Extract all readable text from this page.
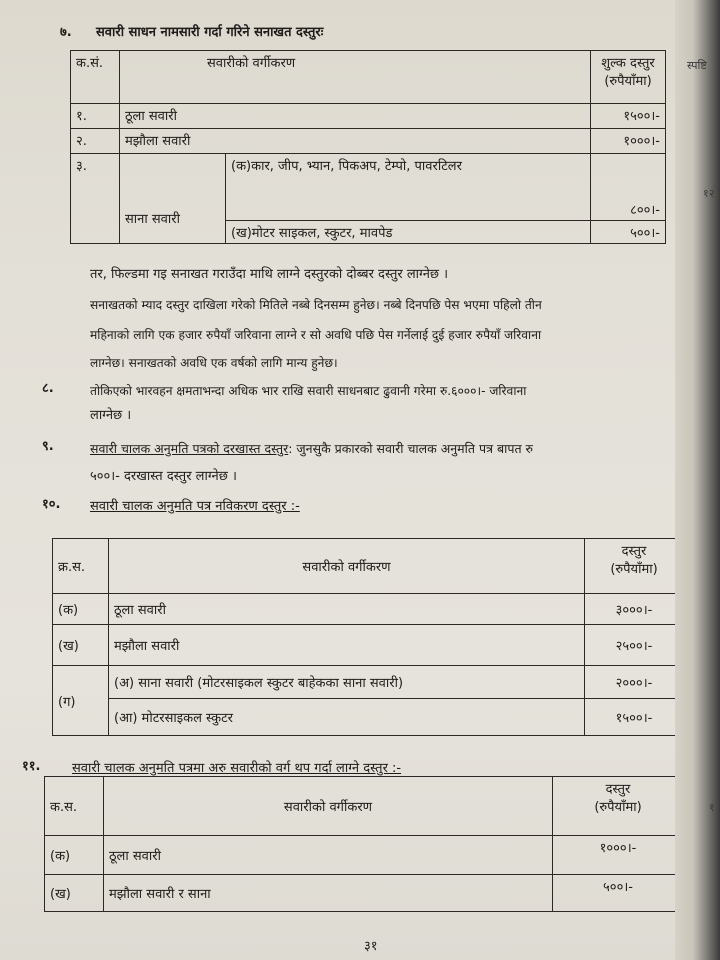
७. सवारी साधन नामसारी गर्दा गरिने सनाखत दस्तुरः
क.सं.	सवारीको वर्गीकरण		शुल्क दस्तुर
(रुपैयाँमा)

१.	ठूला सवारी		१५००।-
२.	मझौला सवारी		१०००।-
३.	साना सवारी	(क)कार, जीप, भ्यान, पिकअप, टेम्पो, पावरटिलर	८००।-
		(ख)मोटर साइकल, स्कुटर, मावपेड	५००।-
तर, फिल्डमा गइ सनाखत गराउँदा माथि लाग्ने दस्तुरको दोब्बर दस्तुर लाग्नेछ ।
सनाखतको म्याद दस्तुर दाखिला गरेको मितिले नब्बे दिनसम्म हुनेछ। नब्बे दिनपछि पेस भएमा पहिलो तीन
महिनाको लागि एक हजार रुपैयाँ जरिवाना लाग्ने र सो अवधि पछि पेस गर्नेलाई दुई हजार रुपैयाँ जरिवाना
लाग्नेछ। सनाखतको अवधि एक वर्षको लागि मान्य हुनेछ।
८.	तोकिएको भारवहन क्षमताभन्दा अधिक भार राखि सवारी साधनबाट ढुवानी गरेमा रु.६०००।- जरिवाना
लाग्नेछ ।
९.	सवारी चालक अनुमति पत्रको दरखास्त दस्तुर: जुनसुकै प्रकारको सवारी चालक अनुमति पत्र बापत रु
५००।- दरखास्त दस्तुर लाग्नेछ ।
१०. सवारी चालक अनुमति पत्र नविकरण दस्तुर :-
क्र.स.	सवारीको वर्गीकरण	दस्तुर
(रुपैयाँमा)

(क)	ठूला सवारी	३०००।-
(ख)	मझौला सवारी	२५००।-
(ग)	(अ) साना सवारी (मोटरसाइकल स्कुटर बाहेकका साना सवारी)	२०००।-
	(आ) मोटरसाइकल स्कुटर	१५००।-
११. सवारी चालक अनुमति पत्रमा अरु सवारीको वर्ग थप गर्दा लाग्ने दस्तुर :-
क.स.	सवारीको वर्गीकरण	दस्तुर
(रुपैयाँमा)

(क)	ठूला सवारी	१०००।-
(ख)	मझौला सवारी र साना	५००।-
३१
स्पष्टि
१२
१
